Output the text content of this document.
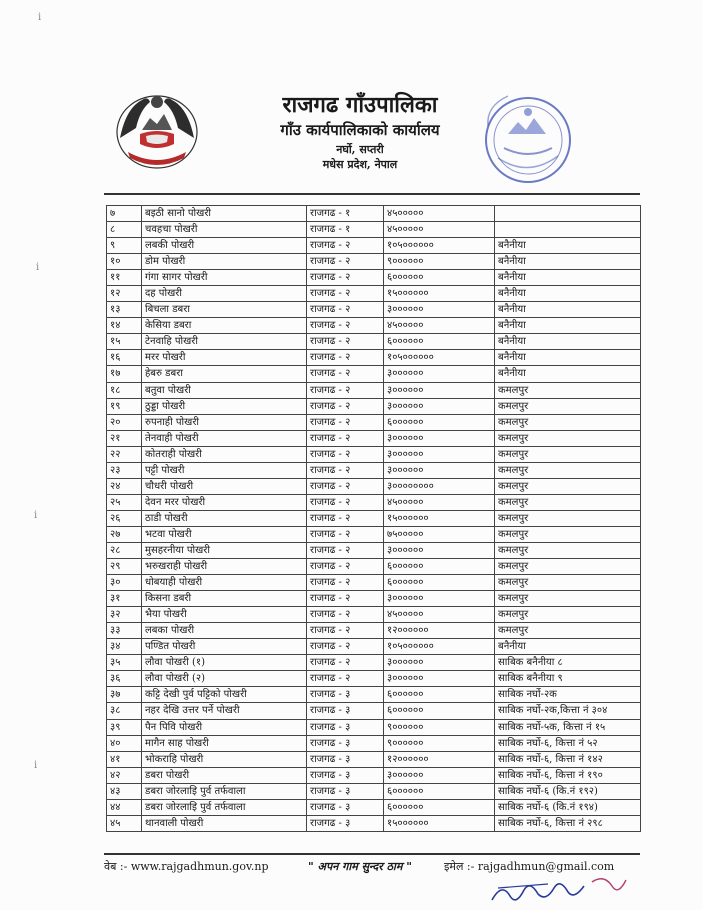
राजगढ गाँउपालिका
गाँउ कार्यपालिकाको कार्यालय
नर्घो, सप्तरी
मधेस प्रदेश, नेपाल
७	बइठी सानो पोखरी	राजगढ - १	४५०००००	
८	चवहचा पोखरी	राजगढ - १	४५०००००	
९	लबकी पोखरी	राजगढ - २	१०५००००००	बनैनीया
१०	डोम पोखरी	राजगढ - २	९००००००	बनैनीया
११	गंगा सागर पोखरी	राजगढ - २	६००००००	बनैनीया
१२	दह पोखरी	राजगढ - २	१५००००००	बनैनीया
१३	बिचला डबरा	राजगढ - २	३००००००	बनैनीया
१४	केसिया डबरा	राजगढ - २	४५०००००	बनैनीया
१५	टेनवाहि पोखरी	राजगढ - २	६००००००	बनैनीया
१६	मरर पोखरी	राजगढ - २	१०५००००००	बनैनीया
१७	हेबरु डबरा	राजगढ - २	३००००००	बनैनीया
१८	बतुवा पोखरी	राजगढ - २	३००००००	कमलपुर
१९	ठुड्डा पोखरी	राजगढ - २	३००००००	कमलपुर
२०	रुपनाही पोखरी	राजगढ - २	६००००००	कमलपुर
२१	तेनवाही पोखरी	राजगढ - २	३००००००	कमलपुर
२२	कोतराही पोखरी	राजगढ - २	३००००००	कमलपुर
२३	पट्टी पोखरी	राजगढ - २	३००००००	कमलपुर
२४	चौधरी पोखरी	राजगढ - २	३००००००००	कमलपुर
२५	देवन मरर पोखरी	राजगढ - २	४५०००००	कमलपुर
२६	ठाडी पोखरी	राजगढ - २	१५००००००	कमलपुर
२७	भटवा पोखरी	राजगढ - २	७५०००००	कमलपुर
२८	मुसहरनीया पोखरी	राजगढ - २	३००००००	कमलपुर
२९	भरुखराही पोखरी	राजगढ - २	६००००००	कमलपुर
३०	धोबयाही पोखरी	राजगढ - २	६००००००	कमलपुर
३१	किसना डबरी	राजगढ - २	३००००००	कमलपुर
३२	भैया पोखरी	राजगढ - २	४५०००००	कमलपुर
३३	लबका पोखरी	राजगढ - २	१२००००००	कमलपुर
३४	पण्डित पोखरी	राजगढ - २	१०५००००००	बनैनीया
३५	लौवा पोखरी (१)	राजगढ - २	३००००००	साबिक बनैनीया ८
३६	लौवा पोखरी (२)	राजगढ - २	३००००००	साबिक बनैनीया ९
३७	कट्टि देखी पुर्व पट्टिको पोखरी	राजगढ - ३	६००००००	साबिक नर्घो-२क
३८	नहर देखि उत्तर पर्ने पोखरी	राजगढ - ३	६००००००	साबिक नर्घो-२क,कित्ता नं ३०४
३९	पैन पिवि पोखरी	राजगढ - ३	९००००००	साबिक नर्घो-५क, कित्ता नं १५
४०	मागैन साह पोखरी	राजगढ - ३	९००००००	साबिक नर्घो-६, कित्ता नं ५२
४१	भोकराहि पोखरी	राजगढ - ३	१२००००००	साबिक नर्घो-६, कित्ता नं १४२
४२	डबरा पोखरी	राजगढ - ३	३००००००	साबिक नर्घो-६, कित्ता नं १९०
४३	डबरा जोरलाइि पुर्व तर्फवाला	राजगढ - ३	६००००००	साबिक नर्घो-६ (कि.नं १९२)
४४	डबरा जोरलाइि पुर्व तर्फवाला	राजगढ - ३	६००००००	साबिक नर्घो-६ (कि.नं १९४)
४५	थानवाली पोखरी	राजगढ - ३	१५००००००	साबिक नर्घो-६, कित्ता नं २९८
वेब :- www.rajgadhmun.gov.np	" अपन गाम सुन्दर ठाम "	इमेल :- rajgadhmun@gmail.com
i
i
i
i
